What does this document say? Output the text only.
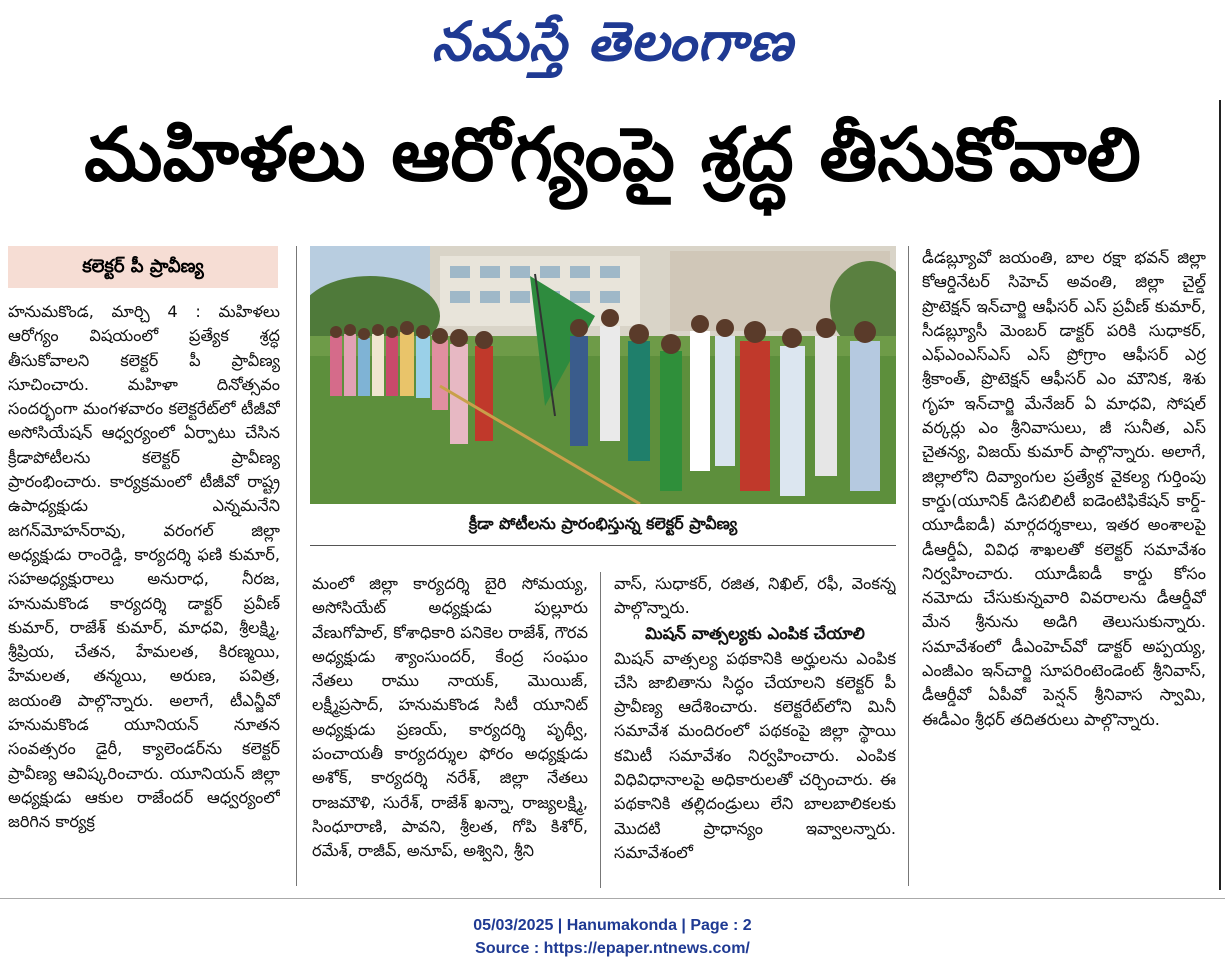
నమస్తే తెలంగాణ
మహిళలు ఆరోగ్యంపై శ్రద్ధ తీసుకోవాలి
కలెక్టర్ పీ ప్రావీణ్య

హనుమకొండ, మార్చి 4 : మహిళలు ఆరోగ్యం విషయంలో ప్రత్యేక శ్రద్ధ తీసుకోవాలని కలెక్టర్ పీ ప్రావీణ్య సూచించారు. మహిళా దినోత్సవం సందర్భంగా మంగళవారం కలెక్టరేట్‌లో టీజీవో అసోసియేషన్ ఆధ్వర్యంలో ఏర్పాటు చేసిన క్రీడాపోటీలను కలెక్టర్ ప్రావీణ్య ప్రారంభించారు. కార్యక్రమంలో టీజీవో రాష్ట్ర ఉపాధ్యక్షుడు ఎన్నమనేని జగన్‌మోహన్‌రావు, వరంగల్ జిల్లా అధ్యక్షుడు రాంరెడ్డి, కార్యదర్శి ఫణి కుమార్, సహఅధ్యక్షురాలు అనురాధ, నీరజ, హనుమకొండ కార్యదర్శి డాక్టర్ ప్రవీణ్ కుమార్, రాజేశ్ కుమార్, మాధవి, శ్రీలక్ష్మి, శ్రీప్రియ, చేతన, హేమలత, కిరణ్మయి, హేమలత, తన్మయి, అరుణ, పవిత్ర, జయంతి పాల్గొన్నారు. అలాగే, టీఎన్జీవో హనుమకొండ యూనియన్ నూతన సంవత్సరం డైరీ, క్యాలెండర్‌ను కలెక్టర్ ప్రావీణ్య ఆవిష్కరించారు. యూనియన్ జిల్లా అధ్యక్షుడు ఆకుల రాజేందర్ ఆధ్వర్యంలో జరిగిన కార్యక్ర

క్రీడా పోటీలను ప్రారంభిస్తున్న కలెక్టర్ ప్రావీణ్య

మంలో జిల్లా కార్యదర్శి బైరి సోమయ్య, అసోసియేట్ అధ్యక్షుడు పుల్లూరు వేణుగోపాల్, కోశాధికారి పనికెల రాజేశ్, గౌరవ అధ్యక్షుడు శ్యాంసుందర్, కేంద్ర సంఘం నేతలు రాము నాయక్, మొయిజ్, లక్ష్మీప్రసాద్, హనుమకొండ సిటీ యూనిట్ అధ్యక్షుడు ప్రణయ్, కార్యదర్శి పృథ్వీ, పంచాయతీ కార్యదర్శుల ఫోరం అధ్యక్షుడు అశోక్, కార్యదర్శి నరేశ్, జిల్లా నేతలు రాజమౌళి, సురేశ్, రాజేశ్ ఖన్నా, రాజ్యలక్ష్మి, సింధూరాణి, పావని, శ్రీలత, గోపి కిశోర్, రమేశ్, రాజీవ్, అనూప్, అశ్విని, శ్రీని

వాస్, సుధాకర్, రజిత, నిఖిల్, రఫీ, వెంకన్న పాల్గొన్నారు.

మిషన్ వాత్సల్యకు ఎంపిక చేయాలి

మిషన్ వాత్సల్య పథకానికి అర్హులను ఎంపిక చేసి జాబితాను సిద్ధం చేయాలని కలెక్టర్ పీ ప్రావీణ్య ఆదేశించారు. కలెక్టరేట్‌లోని మినీ సమావేశ మందిరంలో పథకంపై జిల్లా స్థాయి కమిటీ సమావేశం నిర్వహించారు. ఎంపిక విధివిధానాలపై అధికారులతో చర్చించారు. ఈ పథకానికి తల్లిదండ్రులు లేని బాలబాలికలకు మొదటి ప్రాధాన్యం ఇవ్వాలన్నారు. సమావేశంలో

డీడబ్ల్యూవో జయంతి, బాల రక్షా భవన్ జిల్లా కోఆర్డినేటర్ సిహెచ్ అవంతి, జిల్లా చైల్డ్ ప్రొటెక్షన్ ఇన్‌చార్జి ఆఫీసర్ ఎస్ ప్రవీణ్ కుమార్, సీడబ్ల్యూసీ మెంబర్ డాక్టర్ పరికి సుధాకర్, ఎఫ్ఎంఎస్ఎస్ ఎస్ ప్రోగ్రాం ఆఫీసర్ ఎర్ర శ్రీకాంత్, ప్రొటెక్షన్ ఆఫీసర్ ఎం మౌనిక, శిశు గృహ ఇన్‌చార్జి మేనేజర్ ఏ మాధవి, సోషల్ వర్కర్లు ఎం శ్రీనివాసులు, జీ సునీత, ఎస్ చైతన్య, విజయ్ కుమార్ పాల్గొన్నారు. అలాగే, జిల్లాలోని దివ్యాంగుల ప్రత్యేక వైకల్య గుర్తింపు కార్డు(యూనిక్ డిసబిలిటీ ఐడెంటిఫికేషన్ కార్డ్-యూడీఐడీ) మార్గదర్శకాలు, ఇతర అంశాలపై డీఆర్డీఏ, వివిధ శాఖలతో కలెక్టర్ సమావేశం నిర్వహించారు. యూడీఐడీ కార్డు కోసం నమోదు చేసుకున్నవారి వివరాలను డీఆర్డీవో మేన శ్రీనును అడిగి తెలుసుకున్నారు. సమావేశంలో డీఎంహెచ్‌వో డాక్టర్ అప్పయ్య, ఎంజీఎం ఇన్‌చార్జి సూపరింటెండెంట్ శ్రీనివాస్, డీఆర్డీవో ఏపీవో పెన్షన్ శ్రీనివాస స్వామి, ఈడీఎం శ్రీధర్ తదితరులు పాల్గొన్నారు.

05/03/2025 | Hanumakonda | Page : 2
Source : https://epaper.ntnews.com/
